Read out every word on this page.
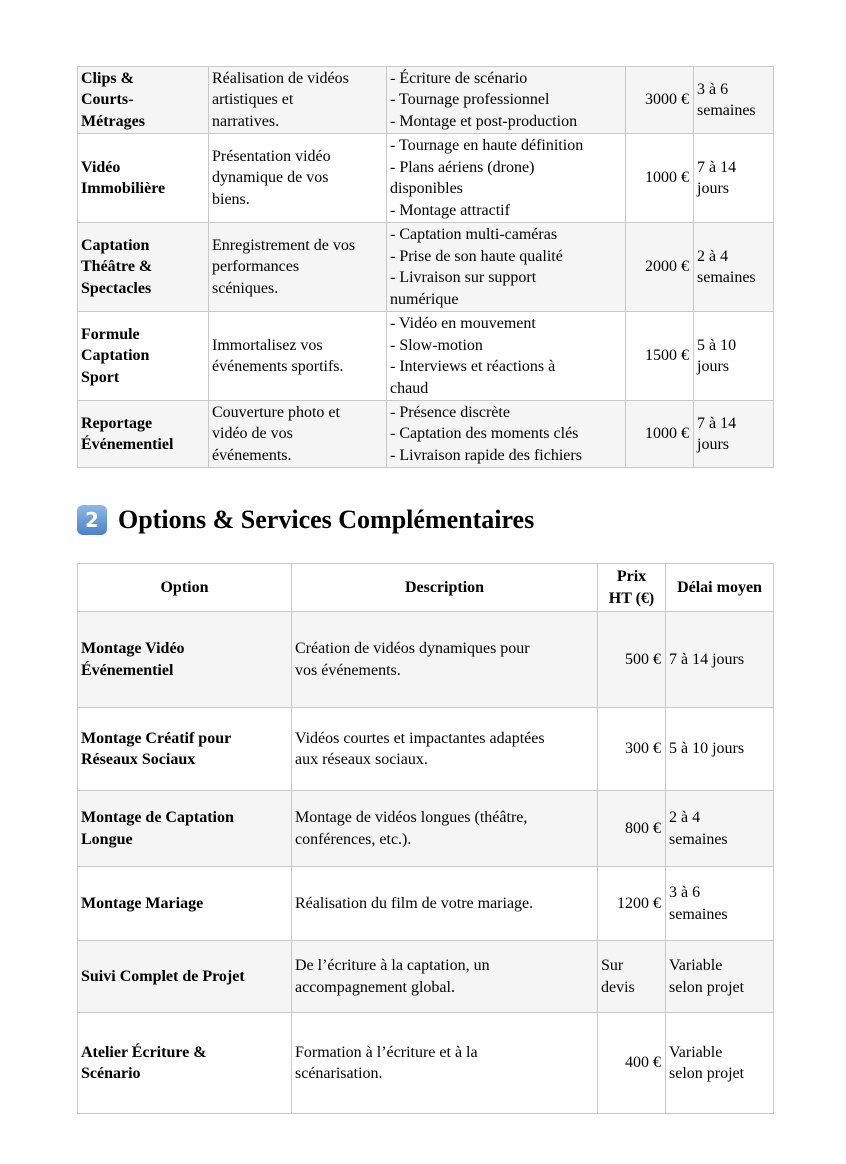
Clips &
Courts-
Métrages	Réalisation de vidéos
artistiques et
narratives.	- Écriture de scénario
- Tournage professionnel
- Montage et post-production	3000 €	3 à 6
semaines

Vidéo
Immobilière	Présentation vidéo
dynamique de vos
biens.	- Tournage en haute définition
- Plans aériens (drone)
disponibles
- Montage attractif	1000 €	7 à 14
jours

Captation
Théâtre &
Spectacles	Enregistrement de vos
performances
scéniques.	- Captation multi-caméras
- Prise de son haute qualité
- Livraison sur support
numérique	2000 €	2 à 4
semaines

Formule
Captation
Sport	Immortalisez vos
événements sportifs.	- Vidéo en mouvement
- Slow-motion
- Interviews et réactions à
chaud	1500 €	5 à 10
jours

Reportage
Événementiel	Couverture photo et
vidéo de vos
événements.	- Présence discrète
- Captation des moments clés
- Livraison rapide des fichiers	1000 €	7 à 14
jours
2 Options & Services Complémentaires
Option	Description	Prix
HT (€)	Délai moyen

Montage Vidéo
Événementiel	Création de vidéos dynamiques pour
vos événements.	500 €	7 à 14 jours

Montage Créatif pour
Réseaux Sociaux	Vidéos courtes et impactantes adaptées
aux réseaux sociaux.	300 €	5 à 10 jours

Montage de Captation
Longue	Montage de vidéos longues (théâtre,
conférences, etc.).	800 €	2 à 4
semaines

Montage Mariage	Réalisation du film de votre mariage.	1200 €	3 à 6
semaines

Suivi Complet de Projet	De l’écriture à la captation, un
accompagnement global.	Sur
devis	Variable
selon projet

Atelier Écriture &
Scénario	Formation à l’écriture et à la
scénarisation.	400 €	Variable
selon projet
